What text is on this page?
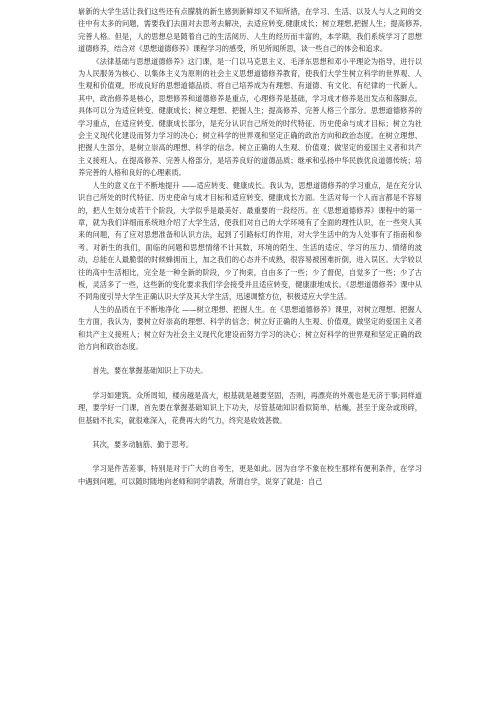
崭新的大学生活让我们这些还有点朦胧的新生感到新鲜却又不知所措，在学习、生活、以及人与人之间的交往中有太多的问题，需要我们去面对去思考去解决，去适应转变,健康成长；树立理想,把握人生；提高修养,完善人格。但是，人的思想总是随着自己的生活阅历、人生的经历而丰富的，本学期，我们系统学习了思想道德修养，结合对《思想道德修养》课程学习的感受，所见所闻所思，谈一些自己的体会和追求。

《法律基础与思想道德修养》这门课，是一门以马克思主义、毛泽东思想和邓小平理论为指导，进行以为人民服务为核心、以集体主义为原则的社会主义思想道德修养教育，使我们大学生树立科学的世界观、人生观和价值观，形成良好的思想道德品质、将自己培养成为有理想、有道德、有文化、有纪律的一代新人。其中，政治修养是核心，思想修养和道德修养是重点，心理修养是基础，学习成才修养是出发点和落脚点。具体可以分为适应转变、健康成长；树立理想、把握人生；提高修养、完善人格三个部分。思想道德修养的学习重点，在适应转变、健康成长部分，是充分认识自己所处的时代特征、历史使命与成才目标；树立为社会主义现代化建设而努力学习的决心；树立科学的世界观和坚定正确的政治方向和政治态度。在树立理想、把握人生部分，是树立崇高的理想、科学的信念。树立正确的人生观、价值观；做坚定的爱国主义者和共产主义接班人。在提高修养、完善人格部分，是培养良好的道德品质；继承和弘扬中华民族优良道德传统；培养完善的人格和良好的心理素质。

人生的意义在于不断地提升 ——适应转变、健康成长。我认为，思想道德修养的学习重点，是在充分认识自己所处的时代特征、历史使命与成才目标和适应转变、健康成长方面。生活对每一个人而言都是不容易的，把人生划分成若干个阶段，大学似乎是最美好、最重要的一段经历。在《思想道德修养》课程中的第一章，就为我们详细而系统地介绍了大学生活，使我们对自己的大学环境有了全面的理性认识，在一些突人其来的问题，有了应对思想准备和认识方法，起到了引路标灯的作用，对大学生活中的为人处事有了指南和参考。对新生的我们，面临的问题和思想情绪不计其数，环境的陌生、生活的适应、学习的压力、情绪的波动，总能在人最脆弱的时候蜂拥而上，加之我们的心态并不成熟，很容易被困难折倒，进入误区。大学较以往的高中生活相比，完全是一种全新的阶段，少了拘束，自由多了一些；少了督促，自觉多了一些；少了古板，灵活多了一些，这些新的变化要求我们学会接受并且适应转变，健康康地成长。《思想道德修养》课中从不同角度引导大学生正确认识大学及其大学生活，迅速调整方位，积极适应大学生活。

人生的品质在于不断地净化 ——树立理想、把握人生。在《思想道德修养》课里，对树立理想、把握人生方面，我认为，要树立好崇高的理想、科学的信念；树立好正确的人生观、价值观，做坚定的爱国主义者和共产主义接班人；树立好为社会主义现代化建设而努力学习的决心；树立好科学的世界观和坚定正确的政治方向和政治态度。

首先，要在掌握基础知识上下功夫。

学习如建筑。众所周知，楼房越是高大，根基就是越要坚固，否则，再漂亮的外观也是无济于事;同样道理，要学好一门课，首先要在掌握基础知识上下功夫，尽管基础知识看似简单、枯燥，甚至于庞杂或琐碎，但基础不扎实，就很难深入，花费再大的气力，终究是收效甚微。

其次，要多动脑筋、勤于思考。

学习是件苦差事，特别是对于广大的自考生，更是如此。因为自学不象在校生那样有便利条件，在学习中遇到问题，可以随时随地向老师和同学请教，所谓自学，说穿了就是：自己
